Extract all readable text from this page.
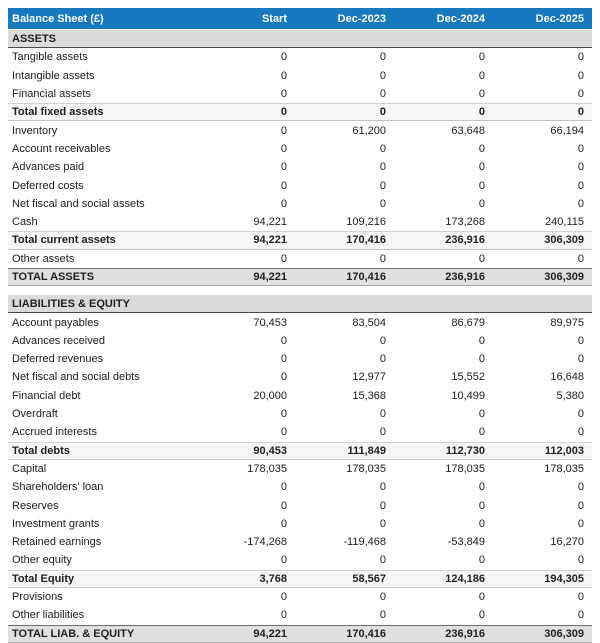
Balance Sheet (£)	Start	Dec-2023	Dec-2024	Dec-2025
ASSETS
Tangible assets	0	0	0	0
Intangible assets	0	0	0	0
Financial assets	0	0	0	0
Total fixed assets	0	0	0	0
Inventory	0	61,200	63,648	66,194
Account receivables	0	0	0	0
Advances paid	0	0	0	0
Deferred costs	0	0	0	0
Net fiscal and social assets	0	0	0	0
Cash	94,221	109,216	173,268	240,115
Total current assets	94,221	170,416	236,916	306,309
Other assets	0	0	0	0
TOTAL ASSETS	94,221	170,416	236,916	306,309
LIABILITIES & EQUITY
Account payables	70,453	83,504	86,679	89,975
Advances received	0	0	0	0
Deferred revenues	0	0	0	0
Net fiscal and social debts	0	12,977	15,552	16,648
Financial debt	20,000	15,368	10,499	5,380
Overdraft	0	0	0	0
Accrued interests	0	0	0	0
Total debts	90,453	111,849	112,730	112,003
Capital	178,035	178,035	178,035	178,035
Shareholders' loan	0	0	0	0
Reserves	0	0	0	0
Investment grants	0	0	0	0
Retained earnings	-174,268	-119,468	-53,849	16,270
Other equity	0	0	0	0
Total Equity	3,768	58,567	124,186	194,305
Provisions	0	0	0	0
Other liabilities	0	0	0	0
TOTAL LIAB. & EQUITY	94,221	170,416	236,916	306,309
